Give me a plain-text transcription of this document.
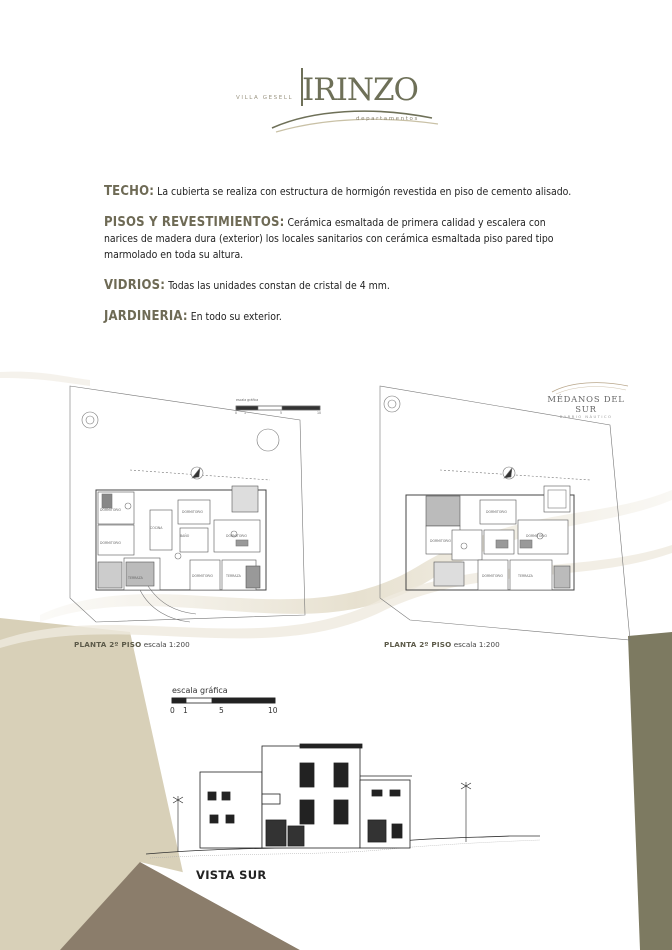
VILLA GESELL IRINZO
departamentos

TECHO: La cubierta se realiza con estructura de hormigón revestida en piso de cemento alisado.

PISOS Y REVESTIMIENTOS: Cerámica esmaltada de primera calidad y escalera con narices de madera dura (exterior) los locales sanitarios con cerámica esmaltada piso pared tipo marmolado en toda su altura.

VIDRIOS: Todas las unidades constan de cristal de 4 mm.

JARDINERIA: En todo su exterior.

escala gráfica
0 1	5	10
DORMITORIO
TERRAZA
COCINA
DORMITORIO	TERRAZA
BAÑO
DORMITORIO
DORMITORIO
DORMITORIO
DORMITORIO
DORMITORIO	TERRAZA
DORMITORIO
DORMITORIO
PLANTA 2º PISO escala 1:200	PLANTA 2º PISO escala 1:200
MÉDANOS DEL SUR
BARRIO NÁUTICO
escala gráfica
0 1	5	10
VISTA SUR
